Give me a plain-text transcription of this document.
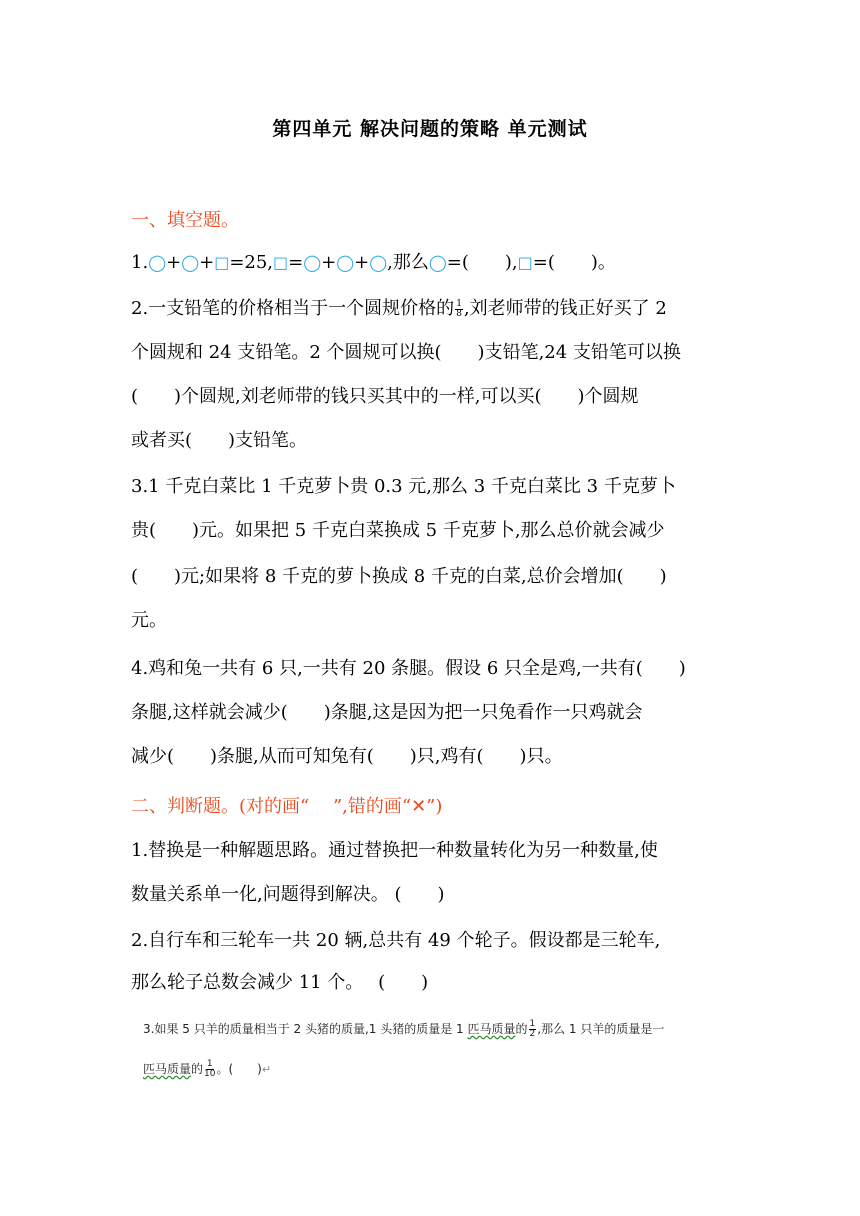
第四单元 解决问题的策略 单元测试
一、填空题。
1.◯+◯+□=25,□=◯+◯+◯,那么◯=(　　),□=(　　)。
2.一支铅笔的价格相当于一个圆规价格的 $\frac{1}{8}$ ,刘老师带的钱正好买了 2
个圆规和 24 支铅笔。2 个圆规可以换(　　)支铅笔,24 支铅笔可以换
(　　)个圆规,刘老师带的钱只买其中的一样,可以买(　　)个圆规
或者买(　　)支铅笔。
3.1 千克白菜比 1 千克萝卜贵 0.3 元,那么 3 千克白菜比 3 千克萝卜
贵(　　)元。如果把 5 千克白菜换成 5 千克萝卜,那么总价就会减少
(　　)元;如果将 8 千克的萝卜换成 8 千克的白菜,总价会增加(　　)
元。
4.鸡和兔一共有 6 只,一共有 20 条腿。假设 6 只全是鸡,一共有(　　)
条腿,这样就会减少(　　)条腿,这是因为把一只兔看作一只鸡就会
减少(　　)条腿,从而可知兔有(　　)只,鸡有(　　)只。
二、判断题。(对的画“　 ”,错的画“✕”)
1.替换是一种解题思路。通过替换把一种数量转化为另一种数量,使
数量关系单一化,问题得到解决。 (　　)
2.自行车和三轮车一共 20 辆,总共有 49 个轮子。假设都是三轮车,
那么轮子总数会减少 11 个。　 (　　)
3.如果 5 只羊的质量相当于 2 头猪的质量,1 头猪的质量是 1 匹马质量的 $\frac{1}{2}$ ,那么 1 只羊的质量是一
匹马质量的 $\frac{1}{10}$ 。(　　)↵
